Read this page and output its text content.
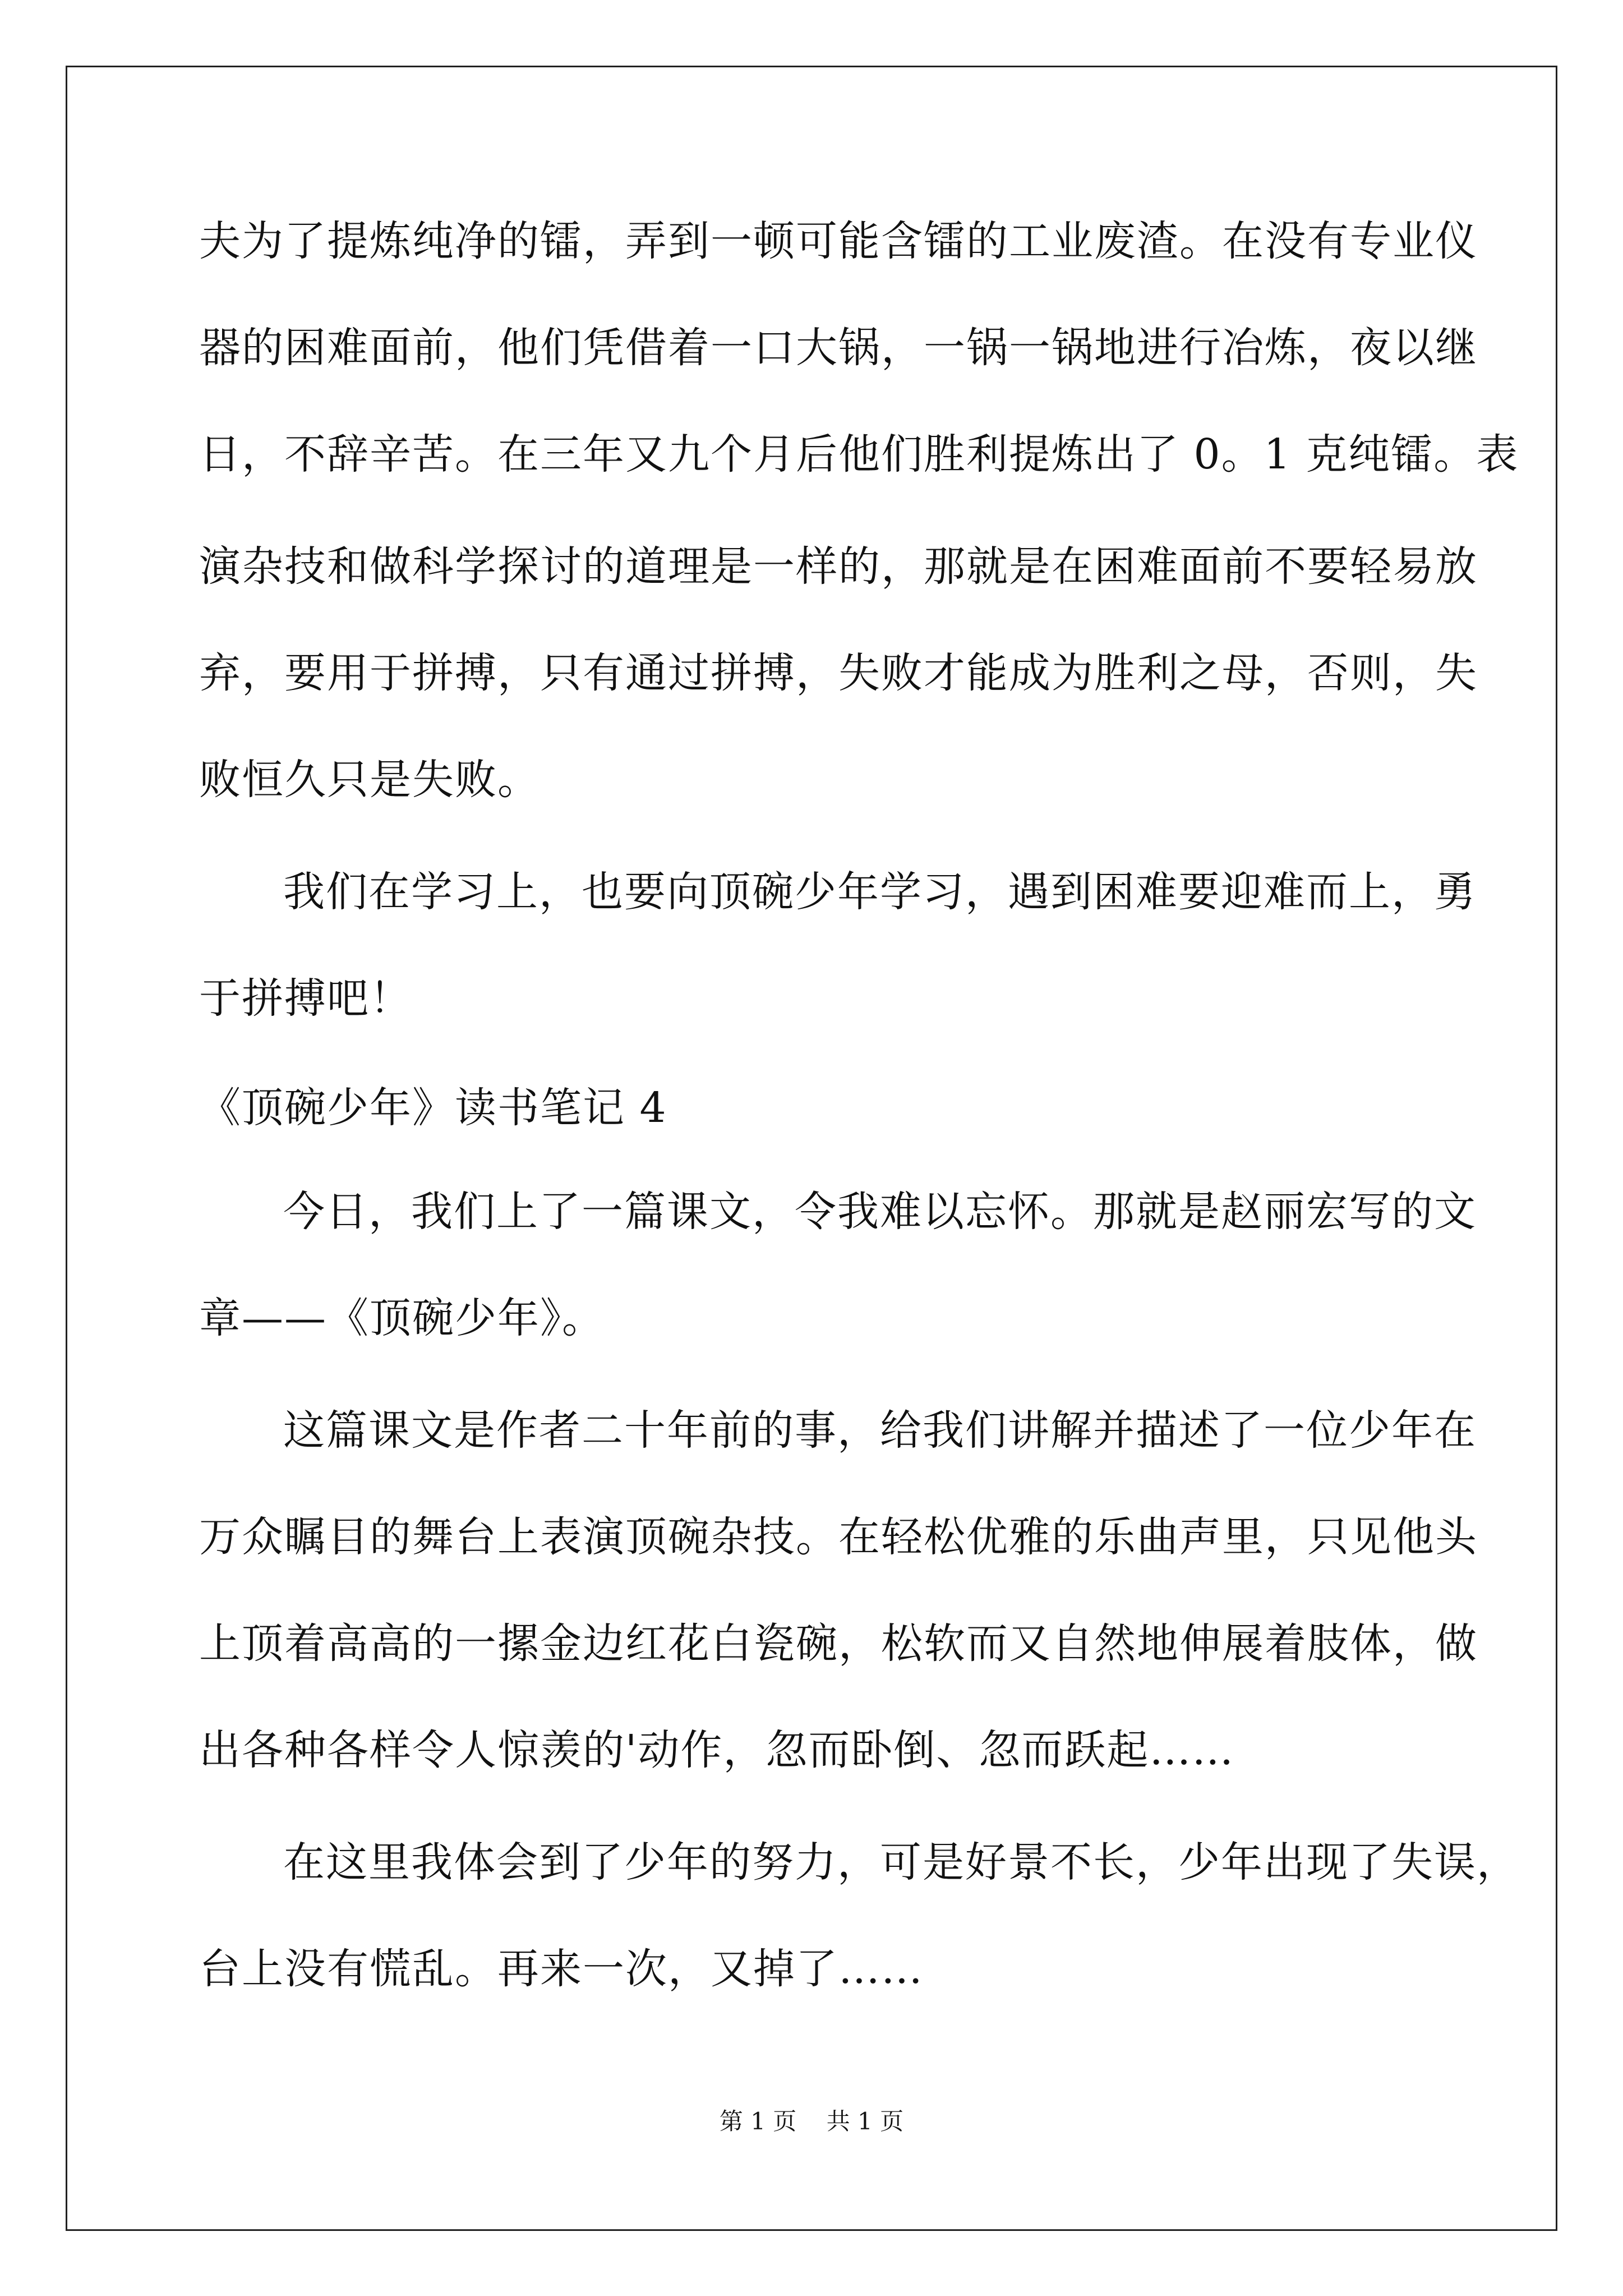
夫为了提炼纯净的镭，弄到一顿可能含镭的工业废渣。在没有专业仪
器的困难面前，他们凭借着一口大锅，一锅一锅地进行冶炼，夜以继
日，不辞辛苦。在三年又九个月后他们胜利提炼出了 0。1 克纯镭。表
演杂技和做科学探讨的道理是一样的，那就是在困难面前不要轻易放
弃，要用于拼搏，只有通过拼搏，失败才能成为胜利之母，否则，失
败恒久只是失败。
我们在学习上，也要向顶碗少年学习，遇到困难要迎难而上，勇
于拼搏吧！
《顶碗少年》读书笔记 4
今日，我们上了一篇课文，令我难以忘怀。那就是赵丽宏写的文
章——《顶碗少年》。
这篇课文是作者二十年前的事，给我们讲解并描述了一位少年在
万众瞩目的舞台上表演顶碗杂技。在轻松优雅的乐曲声里，只见他头
上顶着高高的一摞金边红花白瓷碗，松软而又自然地伸展着肢体，做
出各种各样令人惊羡的'动作，忽而卧倒、忽而跃起……
在这里我体会到了少年的努力，可是好景不长，少年出现了失误，
台上没有慌乱。再来一次，又掉了……
第 1 页    共 1 页
